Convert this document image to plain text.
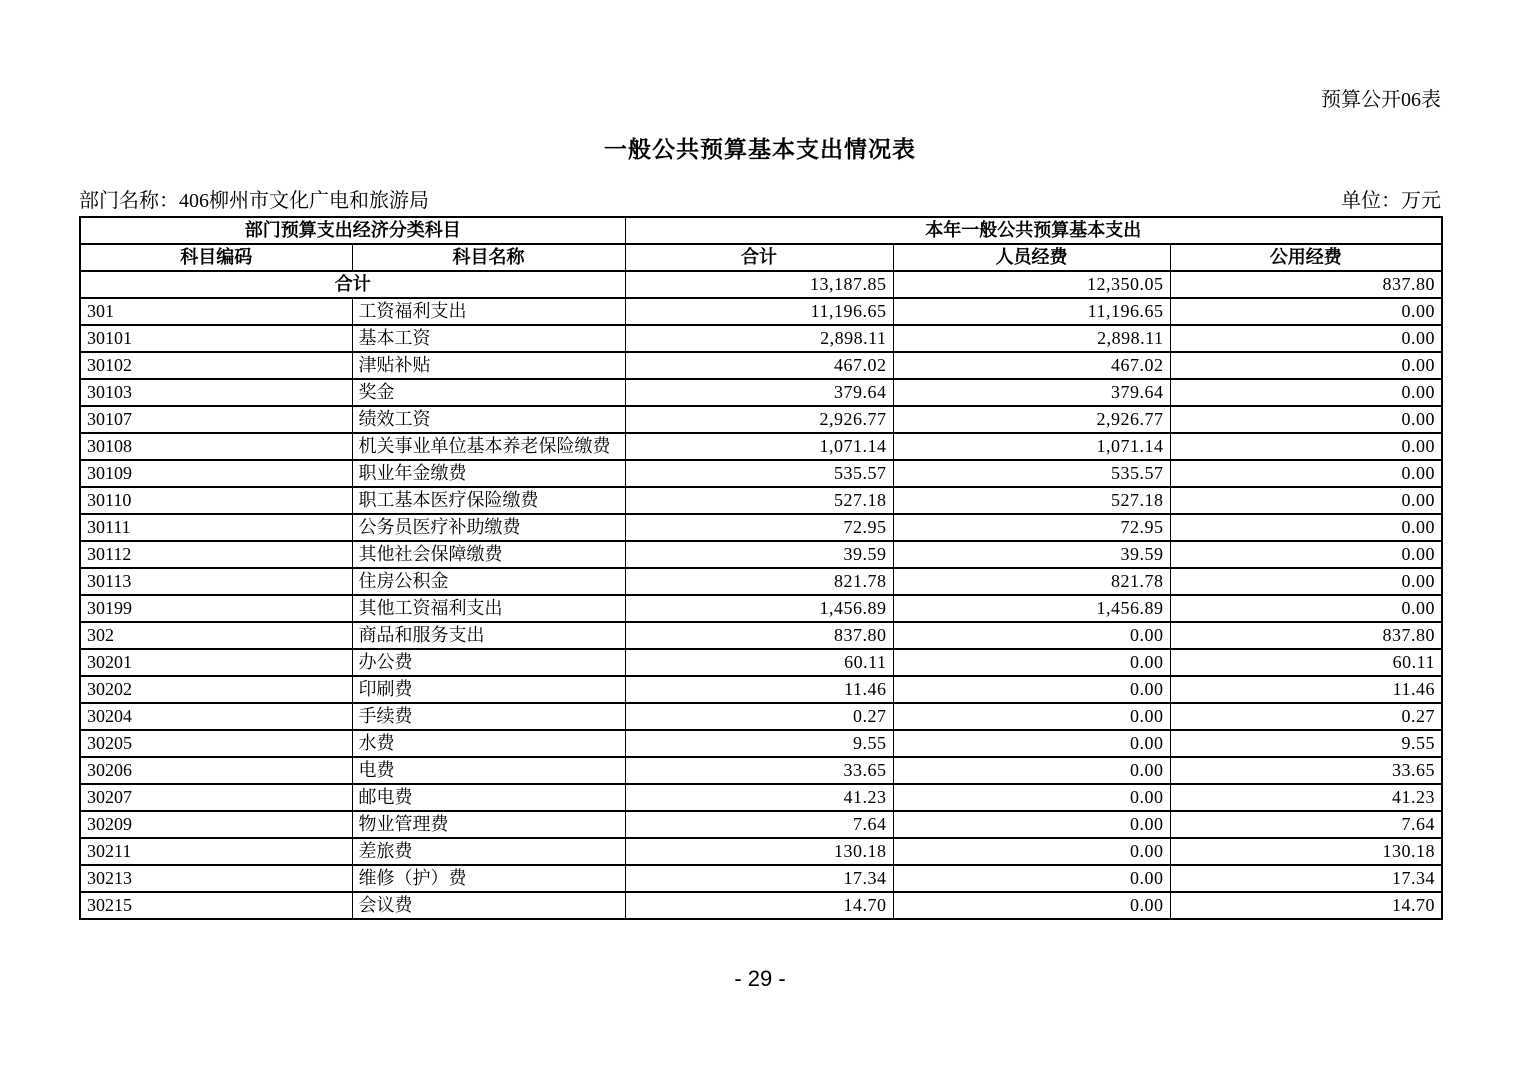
预算公开06表
一般公共预算基本支出情况表
部门名称：406柳州市文化广电和旅游局	单位：万元
部门预算支出经济分类科目		本年一般公共预算基本支出		
科目编码	科目名称	合计	人员经费	公用经费
合计		13,187.85	12,350.05	837.80
301	工资福利支出	11,196.65	11,196.65	0.00
30101	基本工资	2,898.11	2,898.11	0.00
30102	津贴补贴	467.02	467.02	0.00
30103	奖金	379.64	379.64	0.00
30107	绩效工资	2,926.77	2,926.77	0.00
30108	机关事业单位基本养老保险缴费	1,071.14	1,071.14	0.00
30109	职业年金缴费	535.57	535.57	0.00
30110	职工基本医疗保险缴费	527.18	527.18	0.00
30111	公务员医疗补助缴费	72.95	72.95	0.00
30112	其他社会保障缴费	39.59	39.59	0.00
30113	住房公积金	821.78	821.78	0.00
30199	其他工资福利支出	1,456.89	1,456.89	0.00
302	商品和服务支出	837.80	0.00	837.80
30201	办公费	60.11	0.00	60.11
30202	印刷费	11.46	0.00	11.46
30204	手续费	0.27	0.00	0.27
30205	水费	9.55	0.00	9.55
30206	电费	33.65	0.00	33.65
30207	邮电费	41.23	0.00	41.23
30209	物业管理费	7.64	0.00	7.64
30211	差旅费	130.18	0.00	130.18
30213	维修（护）费	17.34	0.00	17.34
30215	会议费	14.70	0.00	14.70
- 29 -
